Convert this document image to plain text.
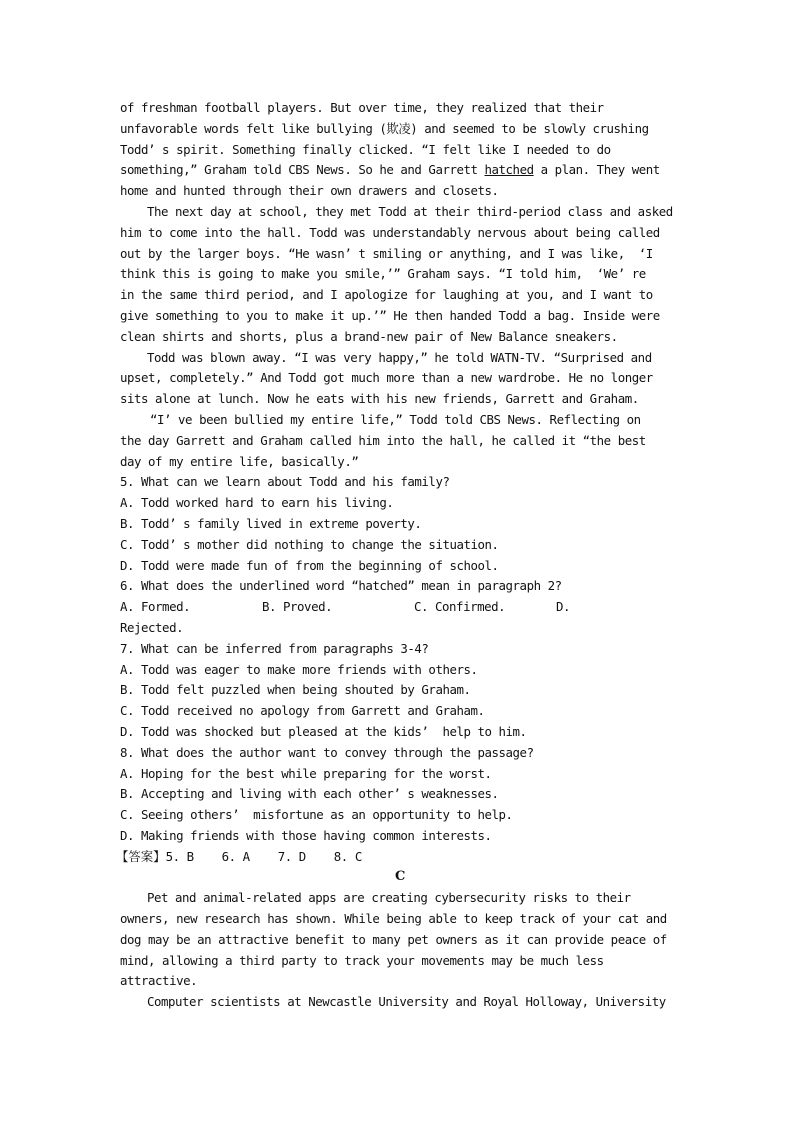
of freshman football players. But over time, they realized that their
unfavorable words felt like bullying (欺凌) and seemed to be slowly crushing
Todd’ s spirit. Something finally clicked. “I felt like I needed to do
something,” Graham told CBS News. So he and Garrett hatched a plan. They went
home and hunted through their own drawers and closets.
The next day at school, they met Todd at their third-period class and asked
him to come into the hall. Todd was understandably nervous about being called
out by the larger boys. “He wasn’ t smiling or anything, and I was like,  ‘I
think this is going to make you smile,’” Graham says. “I told him,  ‘We’ re
in the same third period, and I apologize for laughing at you, and I want to
give something to you to make it up.’” He then handed Todd a bag. Inside were
clean shirts and shorts, plus a brand-new pair of New Balance sneakers.
Todd was blown away. “I was very happy,” he told WATN-TV. “Surprised and
upset, completely.” And Todd got much more than a new wardrobe. He no longer
sits alone at lunch. Now he eats with his new friends, Garrett and Graham.
“I’ ve been bullied my entire life,” Todd told CBS News. Reflecting on
the day Garrett and Graham called him into the hall, he called it “the best
day of my entire life, basically.”
5. What can we learn about Todd and his family?
A. Todd worked hard to earn his living.
B. Todd’ s family lived in extreme poverty.
C. Todd’ s mother did nothing to change the situation.
D. Todd were made fun of from the beginning of school.
6. What does the underlined word “hatched” mean in paragraph 2?
A. Formed.	B. Proved.	C. Confirmed.	D.
Rejected.
7. What can be inferred from paragraphs 3-4?
A. Todd was eager to make more friends with others.
B. Todd felt puzzled when being shouted by Graham.
C. Todd received no apology from Garrett and Graham.
D. Todd was shocked but pleased at the kids’  help to him.
8. What does the author want to convey through the passage?
A. Hoping for the best while preparing for the worst.
B. Accepting and living with each other’ s weaknesses.
C. Seeing others’  misfortune as an opportunity to help.
D. Making friends with those having common interests.
【答案】 5. B    6. A    7. D    8. C
C
Pet and animal-related apps are creating cybersecurity risks to their
owners, new research has shown. While being able to keep track of your cat and
dog may be an attractive benefit to many pet owners as it can provide peace of
mind, allowing a third party to track your movements may be much less
attractive.
Computer scientists at Newcastle University and Royal Holloway, University
